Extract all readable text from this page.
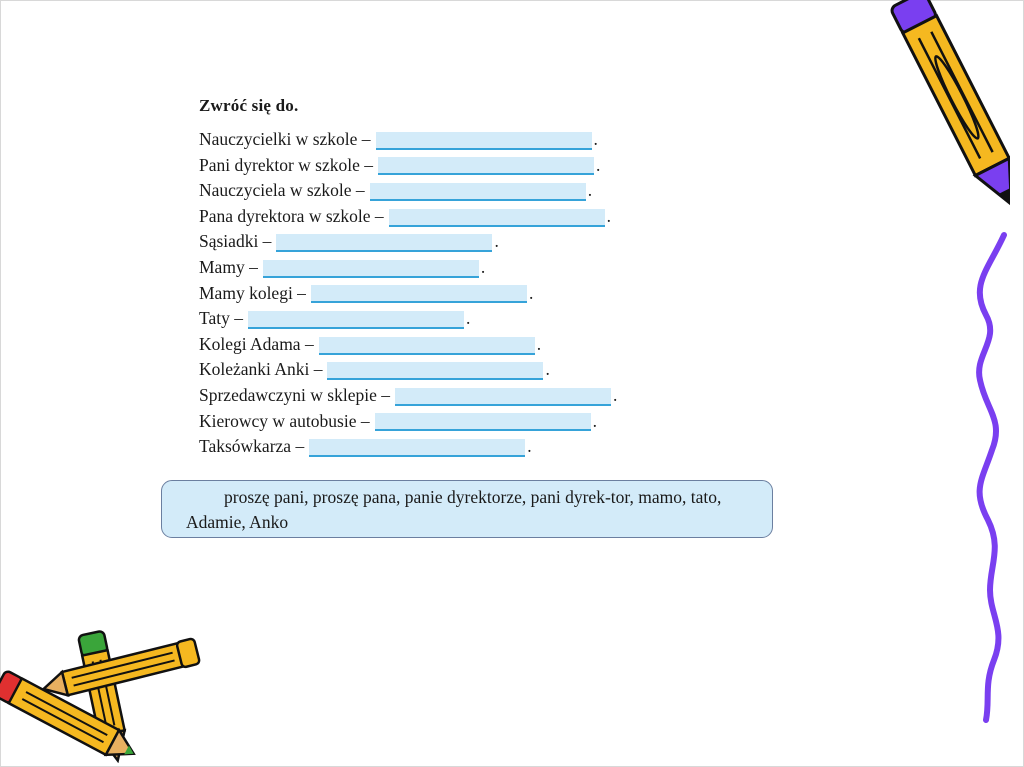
Zwróć się do.
Nauczycielki w szkole –	.
Pani dyrektor w szkole –	.
Nauczyciela w szkole –	.
Pana dyrektora w szkole –	.
Sąsiadki –	.
Mamy –	.
Mamy kolegi –	.
Taty –	.
Kolegi Adama –	.
Koleżanki Anki –	.
Sprzedawczyni w sklepie –	.
Kierowcy w autobusie –	.
Taksówkarza –	.
proszę pani, proszę pana, panie dyrektorze, pani dyrek-tor, mamo, tato, Adamie, Anko
